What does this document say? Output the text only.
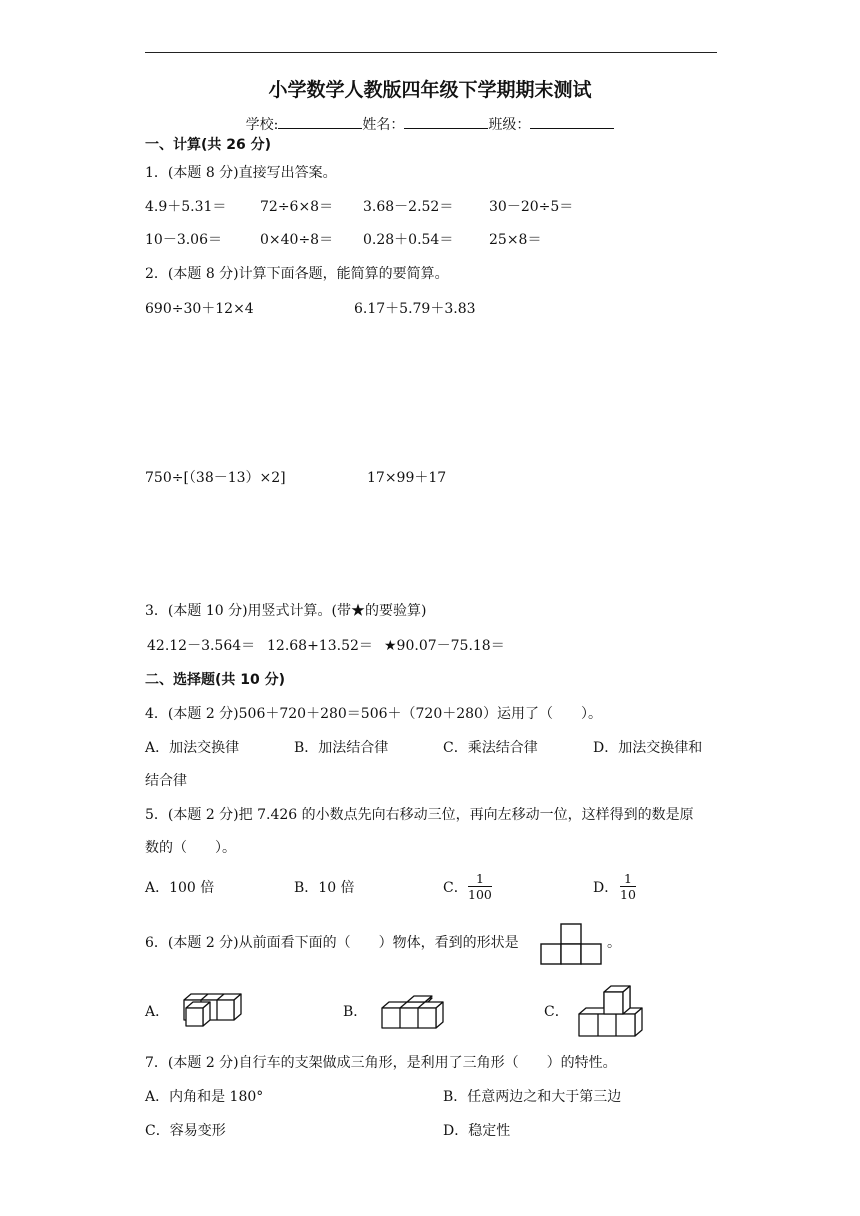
小学数学人教版四年级下学期期末测试
学校:	姓名：	班级：
一、计算(共 26 分)
1．(本题 8 分)直接写出答案。
4.9＋5.31＝ 72÷6×8＝ 3.68－2.52＝	30－20÷5＝
10－3.06＝	0×40÷8＝ 0.28＋0.54＝	25×8＝
2．(本题 8 分)计算下面各题，能简算的要简算。
690÷30＋12×4	6.17＋5.79＋3.83
750÷[（38－13）×2]	17×99＋17
3．(本题 10 分)用竖式计算。(带★的要验算)
42.12－3.564＝ 12.68+13.52＝ ★90.07－75.18＝
二、选择题(共 10 分)
4．(本题 2 分)506＋720＋280＝506＋（720＋280）运用了（　　）。
A．加法交换律	B．加法结合律	C．乘法结合律	D．加法交换律和
结合律
5．(本题 2 分)把 7.426 的小数点先向右移动三位，再向左移动一位，这样得到的数是原
数的（　　）。
A．100 倍	B．10 倍	C． $\frac{1}{100}$	D． $\frac{1}{10}$
6．(本题 2 分)从前面看下面的（　　）物体，看到的形状是	。
A．	B．	C．
7．(本题 2 分)自行车的支架做成三角形，是利用了三角形（　　）的特性。
A．内角和是 180°	B．任意两边之和大于第三边
C．容易变形	D．稳定性
